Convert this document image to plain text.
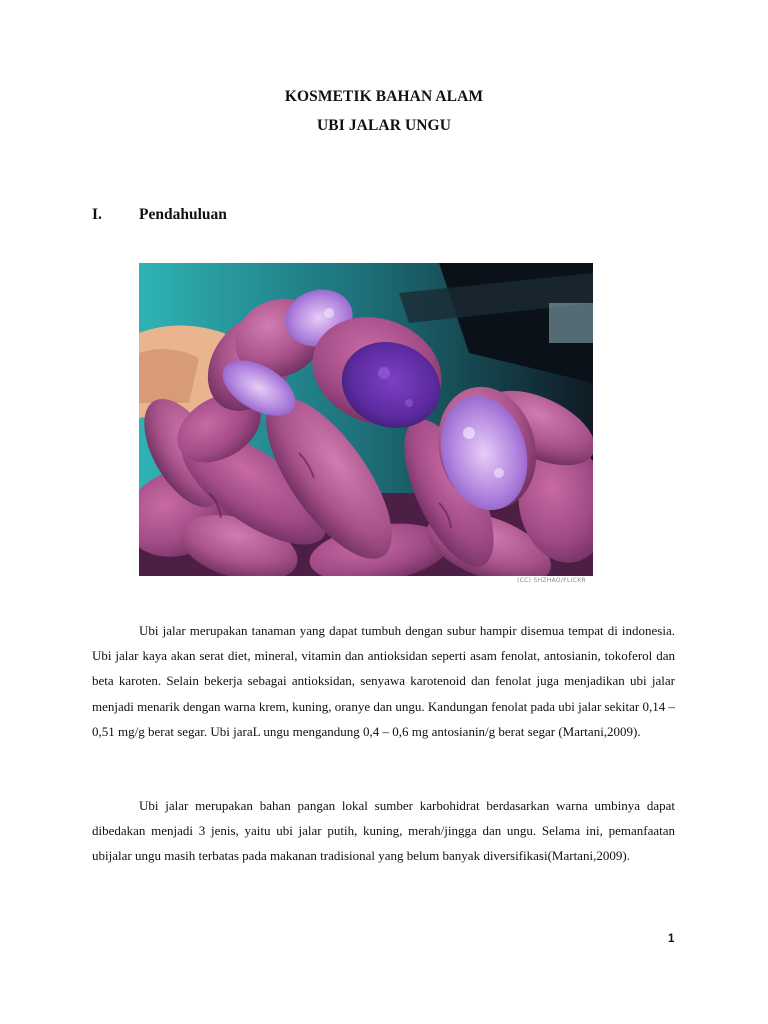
KOSMETIK BAHAN ALAM
UBI JALAR UNGU
I. Pendahuluan
(CC) SHZHAO/FLICKR

Ubi jalar merupakan tanaman yang dapat tumbuh dengan subur hampir disemua tempat di indonesia. Ubi jalar kaya akan serat diet, mineral, vitamin dan antioksidan seperti asam fenolat, antosianin, tokoferol dan beta karoten. Selain bekerja sebagai antioksidan, senyawa karotenoid dan fenolat juga menjadikan ubi jalar menjadi menarik dengan warna krem, kuning, oranye dan ungu. Kandungan fenolat pada ubi jalar sekitar 0,14 – 0,51 mg/g berat segar. Ubi jaraL ungu mengandung 0,4 – 0,6 mg antosianin/g berat segar (Martani,2009).

Ubi jalar merupakan bahan pangan lokal sumber karbohidrat berdasarkan warna umbinya dapat dibedakan menjadi 3 jenis, yaitu ubi jalar putih, kuning, merah/jingga dan ungu. Selama ini, pemanfaatan ubijalar ungu masih terbatas pada makanan tradisional yang belum banyak diversifikasi(Martani,2009).

1
